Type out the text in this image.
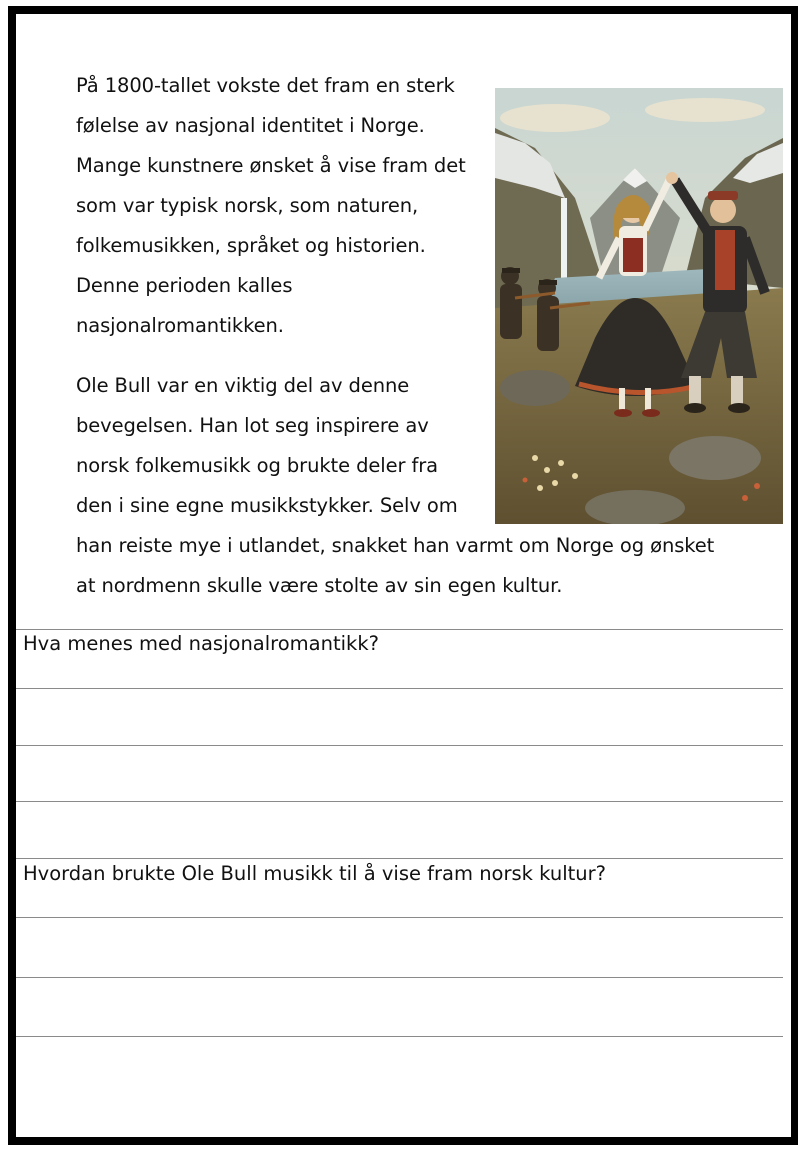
På 1800-tallet vokste det fram en sterk
følelse av nasjonal identitet i Norge.
Mange kunstnere ønsket å vise fram det
som var typisk norsk, som naturen,
folkemusikken, språket og historien.
Denne perioden kalles
nasjonalromantikken.
Ole Bull var en viktig del av denne
bevegelsen. Han lot seg inspirere av
norsk folkemusikk og brukte deler fra
den i sine egne musikkstykker. Selv om
han reiste mye i utlandet, snakket han varmt om Norge og ønsket
at nordmenn skulle være stolte av sin egen kultur.
Hva menes med nasjonalromantikk?
Hvordan brukte Ole Bull musikk til å vise fram norsk kultur?
